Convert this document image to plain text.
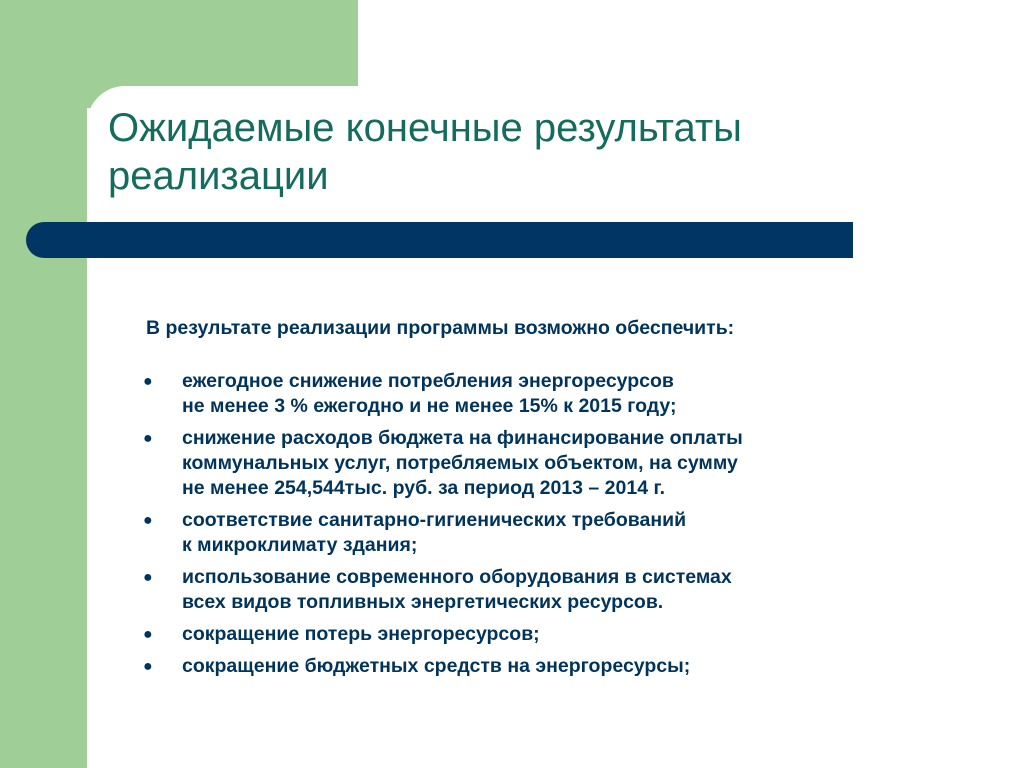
Ожидаемые конечные результаты
реализации

В результате реализации программы возможно обеспечить:

● ежегодное снижение потребления энергоресурсов
не менее 3 % ежегодно и не менее 15% к 2015 году;
● снижение расходов бюджета на финансирование оплаты
коммунальных услуг, потребляемых объектом, на сумму
не менее 254,544тыс. руб. за период 2013 – 2014 г.
● соответствие санитарно-гигиенических требований
к микроклимату здания;
● использование современного оборудования в системах
всех видов топливных энергетических ресурсов.
● сокращение потерь энергоресурсов;
● сокращение бюджетных средств на энергоресурсы;
